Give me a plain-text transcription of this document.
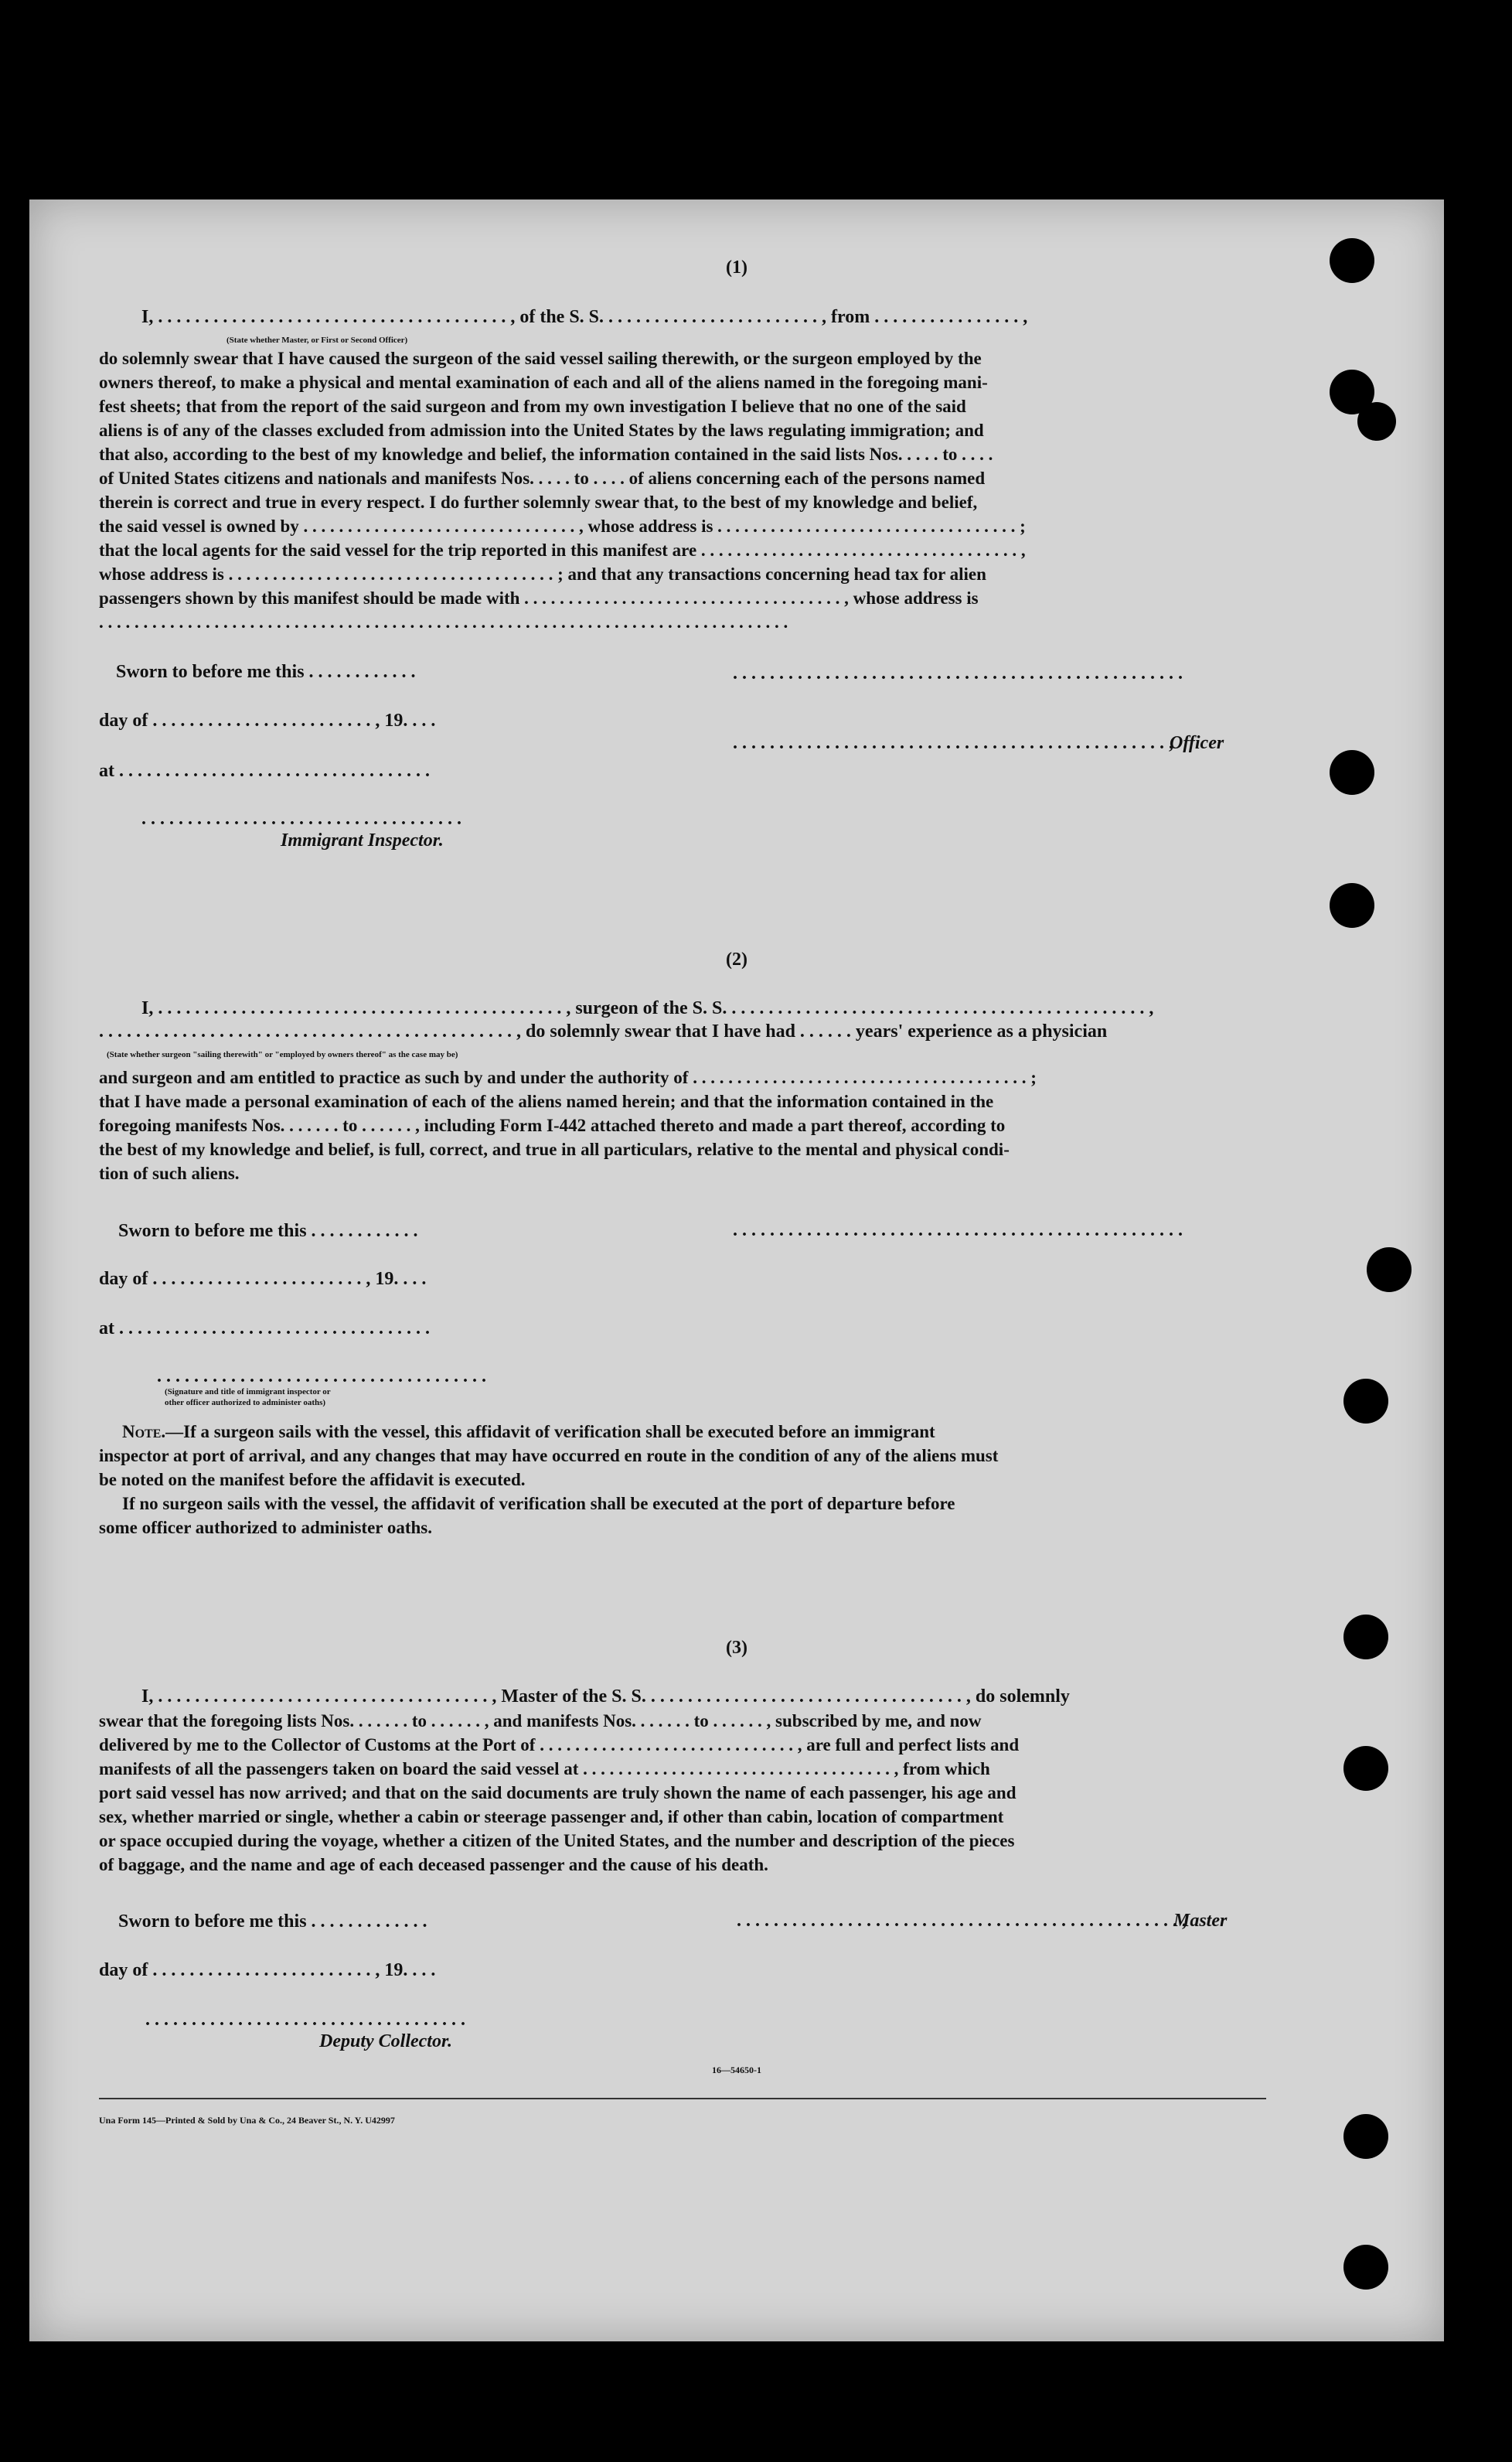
(1)
I, . . . . . . . . . . . . . . . . . . . . . . . . . . . . . . . . . . . . . . , of the S. S. . . . . . . . . . . . . . . . . . . . . . . . , from . . . . . . . . . . . . . . . . ,
(State whether Master, or First or Second Officer)
do solemnly swear that I have caused the surgeon of the said vessel sailing therewith, or the surgeon employed by the
owners thereof, to make a physical and mental examination of each and all of the aliens named in the foregoing mani-
fest sheets; that from the report of the said surgeon and from my own investigation I believe that no one of the said
aliens is of any of the classes excluded from admission into the United States by the laws regulating immigration; and
that also, according to the best of my knowledge and belief, the information contained in the said lists Nos. . . . . to . . . .
of United States citizens and nationals and manifests Nos. . . . . to . . . . of aliens concerning each of the persons named
therein is correct and true in every respect. I do further solemnly swear that, to the best of my knowledge and belief,
the said vessel is owned by . . . . . . . . . . . . . . . . . . . . . . . . . . . . . . . , whose address is . . . . . . . . . . . . . . . . . . . . . . . . . . . . . . . . . . ;
that the local agents for the said vessel for the trip reported in this manifest are . . . . . . . . . . . . . . . . . . . . . . . . . . . . . . . . . . . . ,
whose address is . . . . . . . . . . . . . . . . . . . . . . . . . . . . . . . . . . . . . ; and that any transactions concerning head tax for alien
passengers shown by this manifest should be made with . . . . . . . . . . . . . . . . . . . . . . . . . . . . . . . . . . . . , whose address is
. . . . . . . . . . . . . . . . . . . . . . . . . . . . . . . . . . . . . . . . . . . . . . . . . . . . . . . . . . . . . . . . . . . . . . . . . . . . . .
Sworn to before me this . . . . . . . . . . . .
day of . . . . . . . . . . . . . . . . . . . . . . . . , 19. . . .
at . . . . . . . . . . . . . . . . . . . . . . . . . . . . . . . . . .
. . . . . . . . . . . . . . . . . . . . . . . . . . . . . . . . . . .
Immigrant Inspector.
. . . . . . . . . . . . . . . . . . . . . . . . . . . . . . . . . . . . . . . . . . . . . . . . .
. . . . . . . . . . . . . . . . . . . . . . . . . . . . . . . . . . . . . . . . . . . . . . . ,
Officer
(2)
I, . . . . . . . . . . . . . . . . . . . . . . . . . . . . . . . . . . . . . . . . . . . . , surgeon of the S. S. . . . . . . . . . . . . . . . . . . . . . . . . . . . . . . . . . . . . . . . . . . . . . ,
. . . . . . . . . . . . . . . . . . . . . . . . . . . . . . . . . . . . . . . . . . . . . , do solemnly swear that I have had . . . . . . years' experience as a physician
(State whether surgeon "sailing therewith" or "employed by owners thereof" as the case may be)
and surgeon and am entitled to practice as such by and under the authority of . . . . . . . . . . . . . . . . . . . . . . . . . . . . . . . . . . . . . . ;
that I have made a personal examination of each of the aliens named herein; and that the information contained in the
foregoing manifests Nos. . . . . . . to . . . . . . , including Form I-442 attached thereto and made a part thereof, according to
the best of my knowledge and belief, is full, correct, and true in all particulars, relative to the mental and physical condi-
tion of such aliens.
Sworn to before me this . . . . . . . . . . . .
day of . . . . . . . . . . . . . . . . . . . . . . . , 19. . . .
at . . . . . . . . . . . . . . . . . . . . . . . . . . . . . . . . . .
. . . . . . . . . . . . . . . . . . . . . . . . . . . . . . . . . . . .
(Signature and title of immigrant inspector or
other officer authorized to administer oaths)
. . . . . . . . . . . . . . . . . . . . . . . . . . . . . . . . . . . . . . . . . . . . . . . . .
Note.—If a surgeon sails with the vessel, this affidavit of verification shall be executed before an immigrant
inspector at port of arrival, and any changes that may have occurred en route in the condition of any of the aliens must
be noted on the manifest before the affidavit is executed.
If no surgeon sails with the vessel, the affidavit of verification shall be executed at the port of departure before
some officer authorized to administer oaths.
(3)
I, . . . . . . . . . . . . . . . . . . . . . . . . . . . . . . . . . . . . , Master of the S. S. . . . . . . . . . . . . . . . . . . . . . . . . . . . . . . . . . . , do solemnly
swear that the foregoing lists Nos. . . . . . . to . . . . . . , and manifests Nos. . . . . . . to . . . . . . , subscribed by me, and now
delivered by me to the Collector of Customs at the Port of . . . . . . . . . . . . . . . . . . . . . . . . . . . . . , are full and perfect lists and
manifests of all the passengers taken on board the said vessel at . . . . . . . . . . . . . . . . . . . . . . . . . . . . . . . . . . . , from which
port said vessel has now arrived; and that on the said documents are truly shown the name of each passenger, his age and
sex, whether married or single, whether a cabin or steerage passenger and, if other than cabin, location of compartment
or space occupied during the voyage, whether a citizen of the United States, and the number and description of the pieces
of baggage, and the name and age of each deceased passenger and the cause of his death.
Sworn to before me this . . . . . . . . . . . . .
day of . . . . . . . . . . . . . . . . . . . . . . . . , 19. . . .
. . . . . . . . . . . . . . . . . . . . . . . . . . . . . . . . . . .
Deputy Collector.
. . . . . . . . . . . . . . . . . . . . . . . . . . . . . . . . . . . . . . . . . . . . . . . . ,
Master
16—54650-1
Una Form 145—Printed & Sold by Una & Co., 24 Beaver St., N. Y. U42997
